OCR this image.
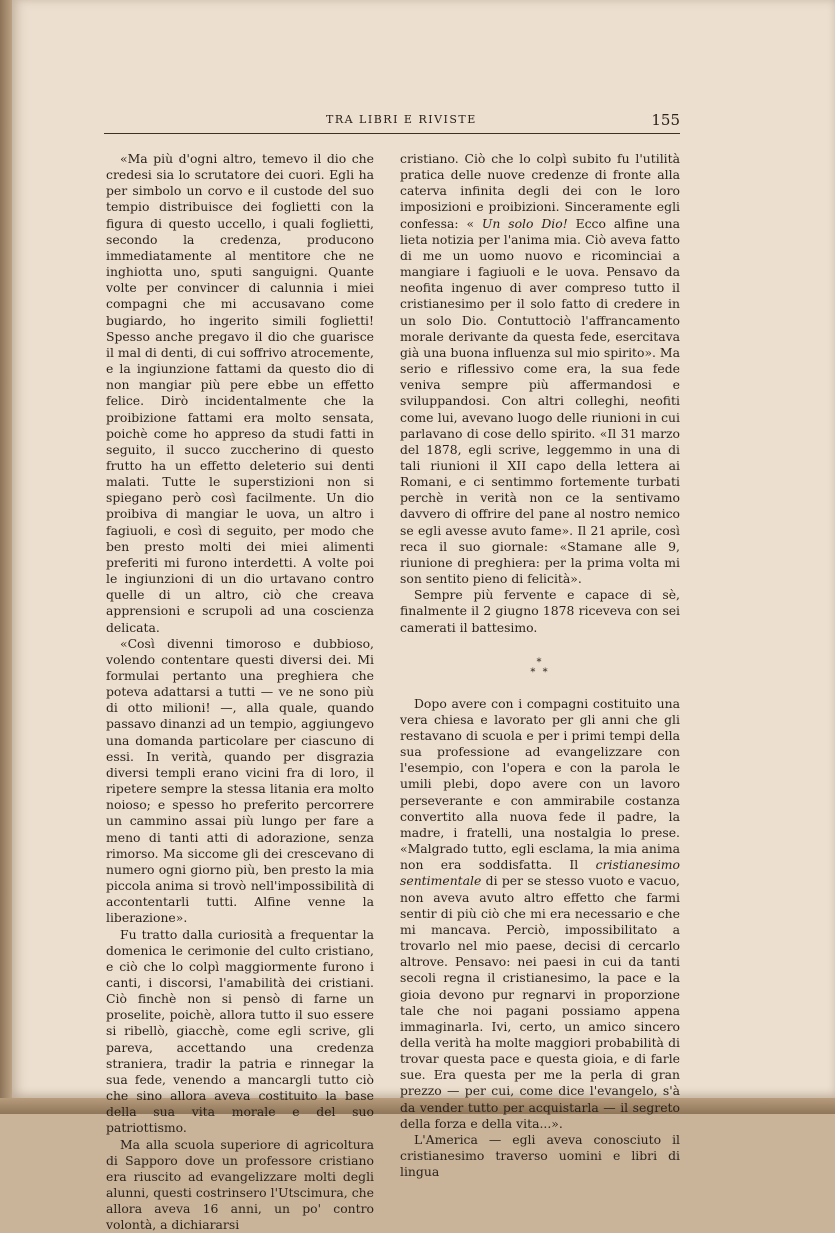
TRA LIBRI E RIVISTE	155

«Ma più d'ogni altro, temevo il dio che credesi sia lo scrutatore dei cuori. Egli ha per simbolo un corvo e il custode del suo tempio distribuisce dei foglietti con la figura di questo uccello, i quali foglietti, secondo la credenza, producono immediatamente al mentitore che ne inghiotta uno, sputi sanguigni. Quante volte per convincer di calunnia i miei compagni che mi accusavano come bugiardo, ho ingerito simili foglietti! Spesso anche pregavo il dio che guarisce il mal di denti, di cui soffrivo atrocemente, e la ingiunzione fattami da questo dio di non mangiar più pere ebbe un effetto felice. Dirò incidentalmente che la proibizione fattami era molto sensata, poichè come ho appreso da studi fatti in seguito, il succo zuccherino di questo frutto ha un effetto deleterio sui denti malati. Tutte le superstizioni non si spiegano però così facilmente. Un dio proibiva di mangiar le uova, un altro i fagiuoli, e così di seguito, per modo che ben presto molti dei miei alimenti preferiti mi furono interdetti. A volte poi le ingiunzioni di un dio urtavano contro quelle di un altro, ciò che creava apprensioni e scrupoli ad una coscienza delicata.

«Così divenni timoroso e dubbioso, volendo contentare questi diversi dei. Mi formulai pertanto una preghiera che poteva adattarsi a tutti — ve ne sono più di otto milioni! —, alla quale, quando passavo dinanzi ad un tempio, aggiungevo una domanda particolare per ciascuno di essi. In verità, quando per disgrazia diversi templi erano vicini fra di loro, il ripetere sempre la stessa litania era molto noioso; e spesso ho preferito percorrere un cammino assai più lungo per fare a meno di tanti atti di adorazione, senza rimorso. Ma siccome gli dei crescevano di numero ogni giorno più, ben presto la mia piccola anima si trovò nell'impossibilità di accontentarli tutti. Alfine venne la liberazione».

Fu tratto dalla curiosità a frequentar la domenica le cerimonie del culto cristiano, e ciò che lo colpì maggiormente furono i canti, i discorsi, l'amabilità dei cristiani. Ciò finchè non si pensò di farne un proselite, poichè, allora tutto il suo essere si ribellò, giacchè, come egli scrive, gli pareva, accettando una credenza straniera, tradir la patria e rinnegar la sua fede, venendo a mancargli tutto ciò che sino allora aveva costituito la base della sua vita morale e del suo patriottismo.

Ma alla scuola superiore di agricoltura di Sapporo dove un professore cristiano era riuscito ad evangelizzare molti degli alunni, questi costrinsero l'Utscimura, che allora aveva 16 anni, un po' contro volontà, a dichiararsi

cristiano. Ciò che lo colpì subito fu l'utilità pratica delle nuove credenze di fronte alla caterva infinita degli dei con le loro imposizioni e proibizioni. Sinceramente egli confessa: « Un solo Dio! Ecco alfine una lieta notizia per l'anima mia. Ciò aveva fatto di me un uomo nuovo e ricominciai a mangiare i fagiuoli e le uova. Pensavo da neofita ingenuo di aver compreso tutto il cristianesimo per il solo fatto di credere in un solo Dio. Contuttociò l'affrancamento morale derivante da questa fede, esercitava già una buona influenza sul mio spirito». Ma serio e riflessivo come era, la sua fede veniva sempre più affermandosi e sviluppandosi. Con altri colleghi, neofiti come lui, avevano luogo delle riunioni in cui parlavano di cose dello spirito. «Il 31 marzo del 1878, egli scrive, leggemmo in una di tali riunioni il XII capo della lettera ai Romani, e ci sentimmo fortemente turbati perchè in verità non ce la sentivamo davvero di offrire del pane al nostro nemico se egli avesse avuto fame». Il 21 aprile, così reca il suo giornale: «Stamane alle 9, riunione di preghiera: per la prima volta mi son sentito pieno di felicità».

Sempre più fervente e capace di sè, finalmente il 2 giugno 1878 riceveva con sei camerati il battesimo.

*
* *

Dopo avere con i compagni costituito una vera chiesa e lavorato per gli anni che gli restavano di scuola e per i primi tempi della sua professione ad evangelizzare con l'esempio, con l'opera e con la parola le umili plebi, dopo avere con un lavoro perseverante e con ammirabile costanza convertito alla nuova fede il padre, la madre, i fratelli, una nostalgia lo prese. «Malgrado tutto, egli esclama, la mia anima non era soddisfatta. Il cristianesimo sentimentale di per se stesso vuoto e vacuo, non aveva avuto altro effetto che farmi sentir di più ciò che mi era necessario e che mi mancava. Perciò, impossibilitato a trovarlo nel mio paese, decisi di cercarlo altrove. Pensavo: nei paesi in cui da tanti secoli regna il cristianesimo, la pace e la gioia devono pur regnarvi in proporzione tale che noi pagani possiamo appena immaginarla. Ivi, certo, un amico sincero della verità ha molte maggiori probabilità di trovar questa pace e questa gioia, e di farle sue. Era questa per me la perla di gran prezzo — per cui, come dice l'evangelo, s'à da vender tutto per acquistarla — il segreto della forza e della vita...».

L'America — egli aveva conosciuto il cristianesimo traverso uomini e libri di lingua
